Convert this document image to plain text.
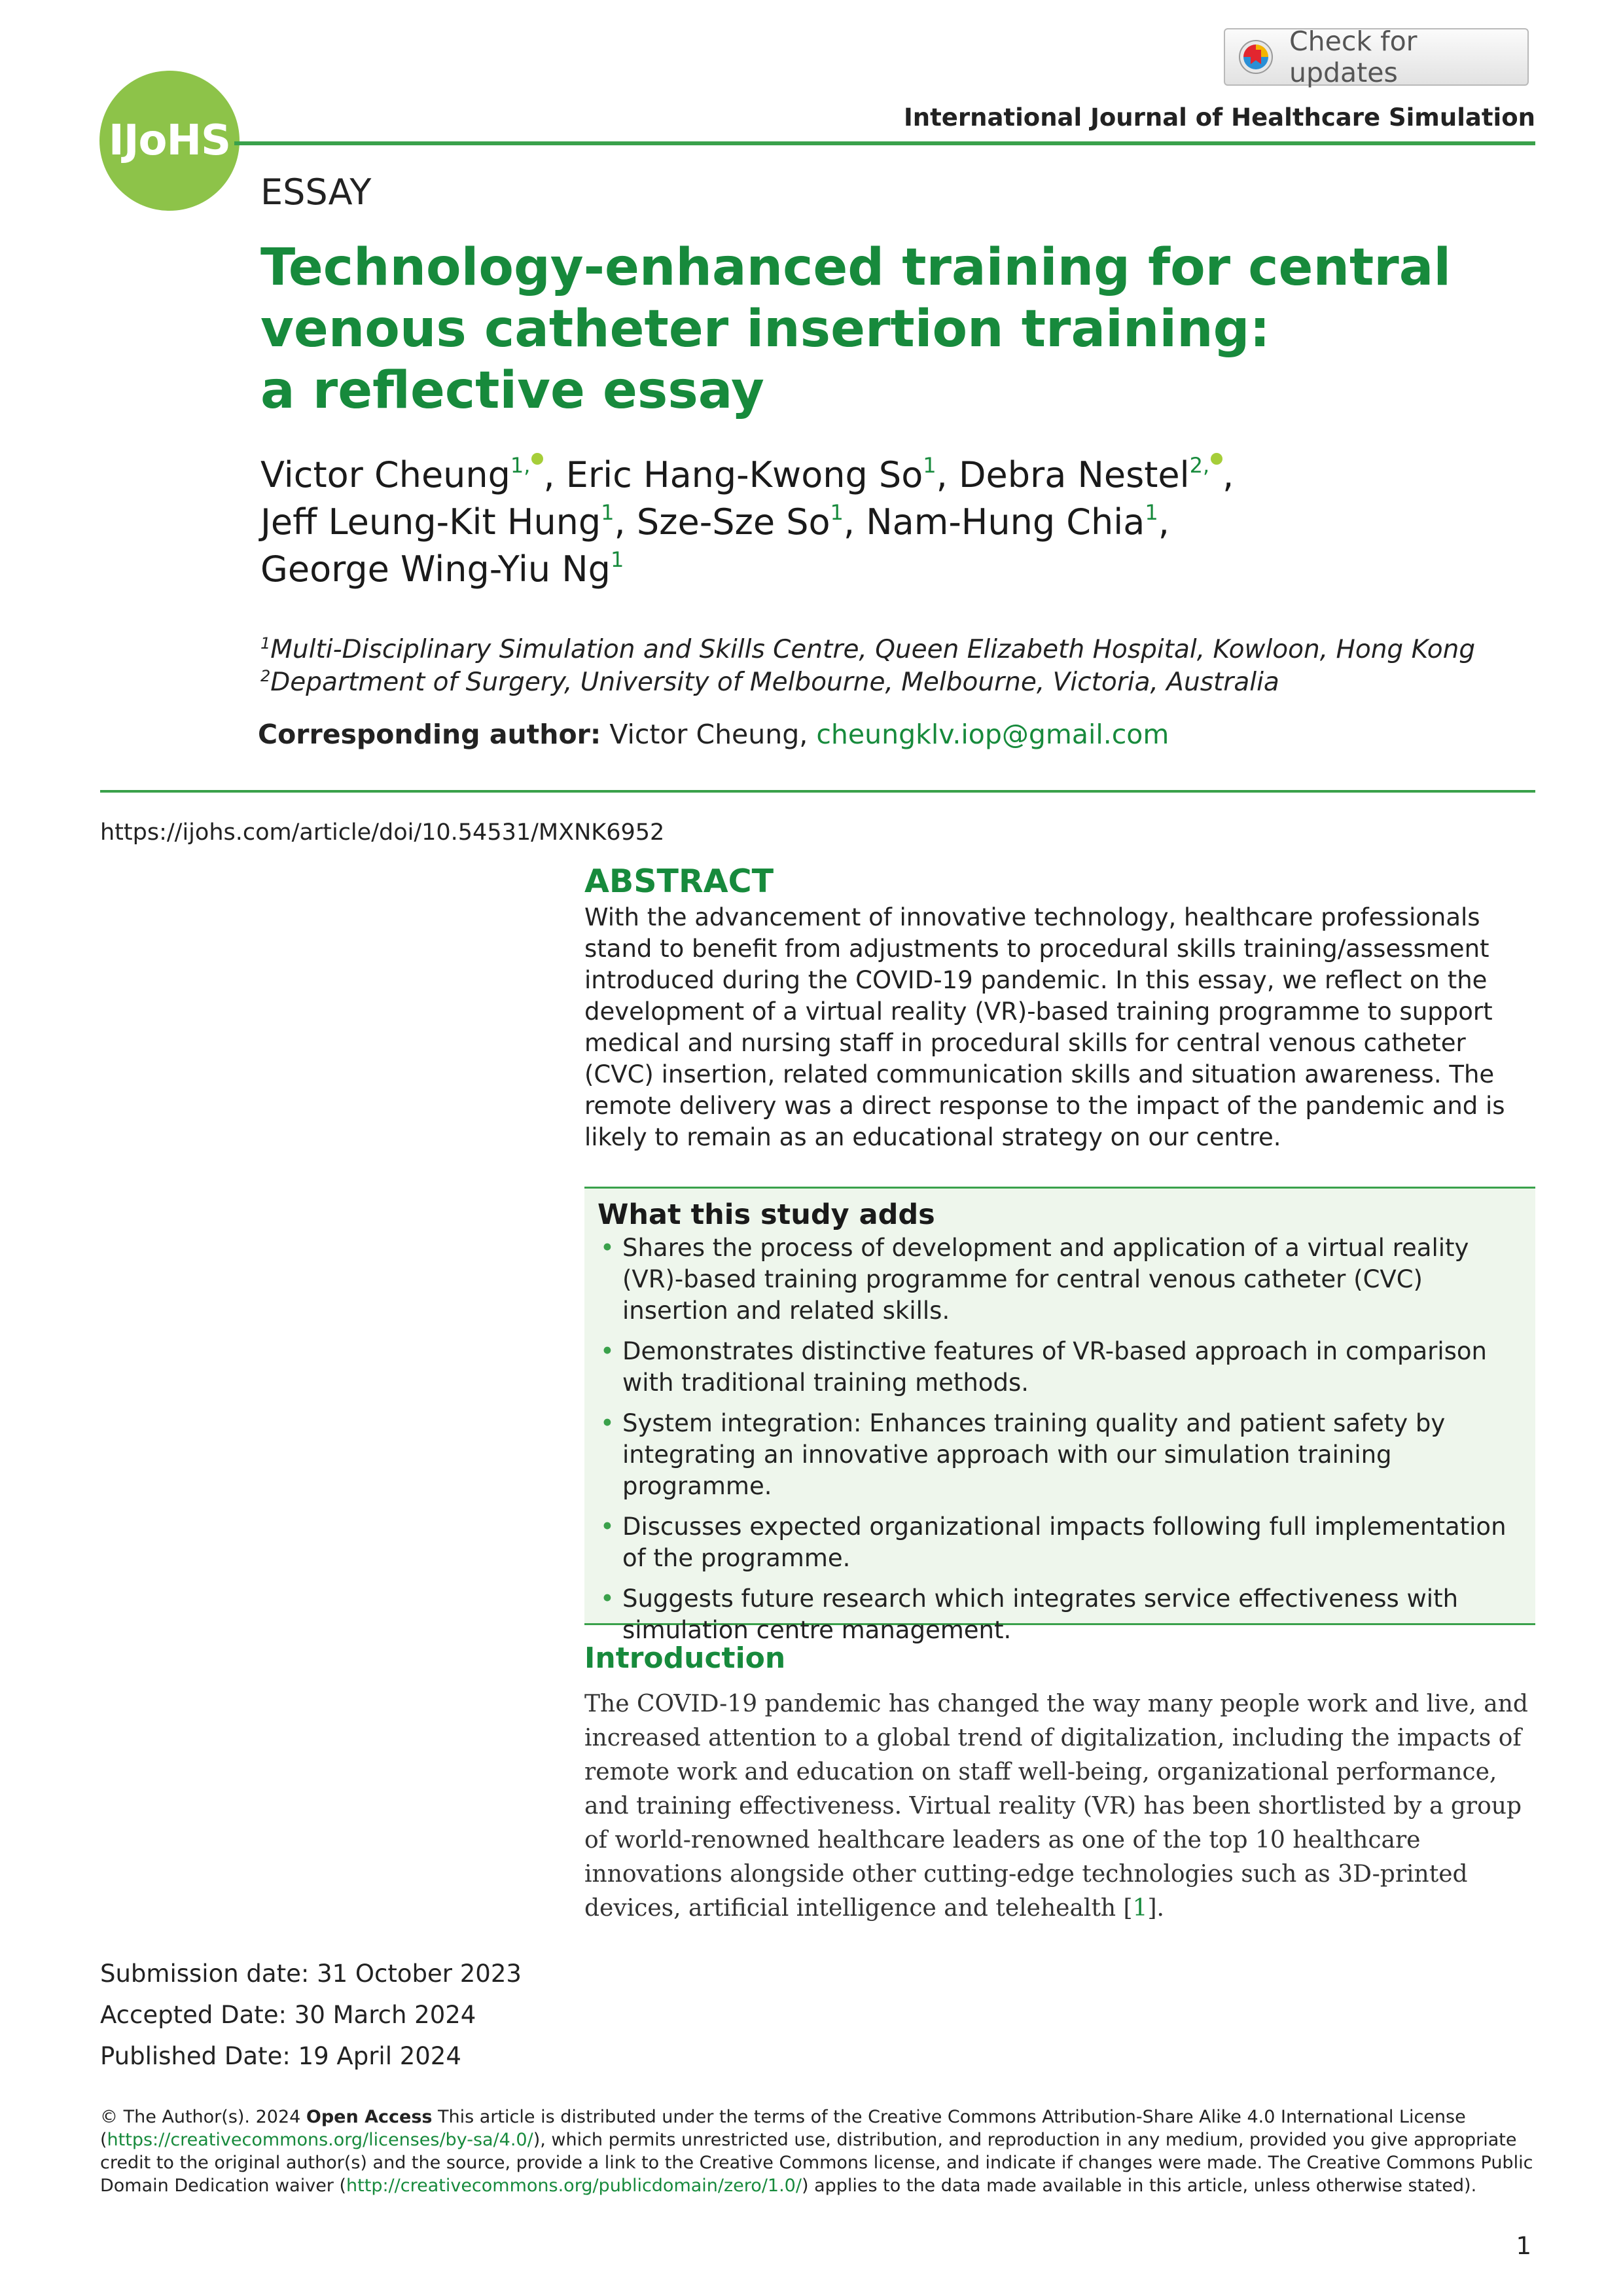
IJoHS
Check for updates
International Journal of Healthcare Simulation
ESSAY
Technology-enhanced training for central
venous catheter insertion training:
a reflective essay
Victor Cheung$^{1,}$ , Eric Hang-Kwong So$^1$, Debra Nestel$^{2,}$ ,
Jeff Leung-Kit Hung$^1$, Sze-Sze So$^1$, Nam-Hung Chia$^1$,
George Wing-Yiu Ng$^1$
$^1$Multi-Disciplinary Simulation and Skills Centre, Queen Elizabeth Hospital, Kowloon, Hong Kong
$^2$Department of Surgery, University of Melbourne, Melbourne, Victoria, Australia
Corresponding author: Victor Cheung, cheungklv.iop@gmail.com
https://ijohs.com/article/doi/10.54531/MXNK6952
ABSTRACT

With the advancement of innovative technology, healthcare professionals stand to benefit from adjustments to procedural skills training/assessment introduced during the COVID-19 pandemic. In this essay, we reflect on the development of a virtual reality (VR)-based training programme to support medical and nursing staff in procedural skills for central venous catheter (CVC) insertion, related communication skills and situation awareness. The remote delivery was a direct response to the impact of the pandemic and is likely to remain as an educational strategy on our centre.

What this study adds
• Shares the process of development and application of a virtual reality (VR)-based training programme for central venous catheter (CVC) insertion and related skills.
• Demonstrates distinctive features of VR-based approach in comparison with traditional training methods.
• System integration: Enhances training quality and patient safety by integrating an innovative approach with our simulation training programme.
• Discusses expected organizational impacts following full implementation of the programme.
• Suggests future research which integrates service effectiveness with simulation centre management.
Introduction

The COVID-19 pandemic has changed the way many people work and live, and increased attention to a global trend of digitalization, including the impacts of remote work and education on staff well-being, organizational performance, and training effectiveness. Virtual reality (VR) has been shortlisted by a group of world-renowned healthcare leaders as one of the top 10 healthcare innovations alongside other cutting-edge technologies such as 3D-printed devices, artificial intelligence and telehealth [1].

Submission date: 31 October 2023
Accepted Date: 30 March 2024
Published Date: 19 April 2024
© The Author(s). 2024 Open Access This article is distributed under the terms of the Creative Commons Attribution-Share Alike 4.0 International License (https://creativecommons.org/licenses/by-sa/4.0/), which permits unrestricted use, distribution, and reproduction in any medium, provided you give appropriate credit to the original author(s) and the source, provide a link to the Creative Commons license, and indicate if changes were made. The Creative Commons Public Domain Dedication waiver (http://creativecommons.org/publicdomain/zero/1.0/) applies to the data made available in this article, unless otherwise stated).
1
